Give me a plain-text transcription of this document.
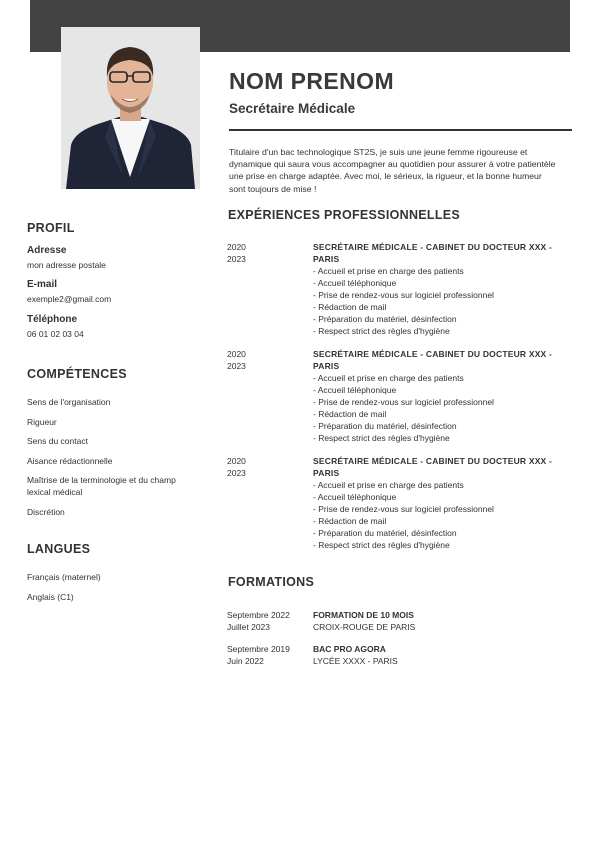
NOM PRENOM
Secrétaire Médicale
Titulaire d'un bac technologique ST2S, je suis une jeune femme rigoureuse et dynamique qui saura vous accompagner au quotidien pour assurer à votre patientèle une prise en charge adaptée. Avec moi, le sérieux, la rigueur, et la bonne humeur sont toujours de mise !
PROFIL
Adresse
mon adresse postale
E-mail
exemple2@gmail.com
Téléphone
06 01 02 03 04
COMPÉTENCES
Sens de l'organisation
Rigueur
Sens du contact
Aisance rédactionnelle
Maîtrise de la terminologie et du champ lexical médical
Discrétion
LANGUES
Français (maternel)
Anglais (C1)
EXPÉRIENCES PROFESSIONNELLES
2020
2023
SECRÉTAIRE MÉDICALE - CABINET DU DOCTEUR XXX - PARIS
- Accueil et prise en charge des patients
- Accueil téléphonique
- Prise de rendez-vous sur logiciel professionnel
- Rédaction de mail
- Préparation du matériel, désinfection
- Respect strict des règles d'hygiène
2020
2023
SECRÉTAIRE MÉDICALE - CABINET DU DOCTEUR XXX - PARIS
- Accueil et prise en charge des patients
- Accueil téléphonique
- Prise de rendez-vous sur logiciel professionnel
- Rédaction de mail
- Préparation du matériel, désinfection
- Respect strict des règles d'hygiène
2020
2023
SECRÉTAIRE MÉDICALE - CABINET DU DOCTEUR XXX - PARIS
- Accueil et prise en charge des patients
- Accueil téléphonique
- Prise de rendez-vous sur logiciel professionnel
- Rédaction de mail
- Préparation du matériel, désinfection
- Respect strict des règles d'hygiène
FORMATIONS
Septembre 2022
Juillet 2023
FORMATION DE 10 MOIS
CROIX-ROUGE DE PARIS
Septembre 2019
Juin 2022
BAC PRO AGORA
LYCÉE XXXX - PARIS
